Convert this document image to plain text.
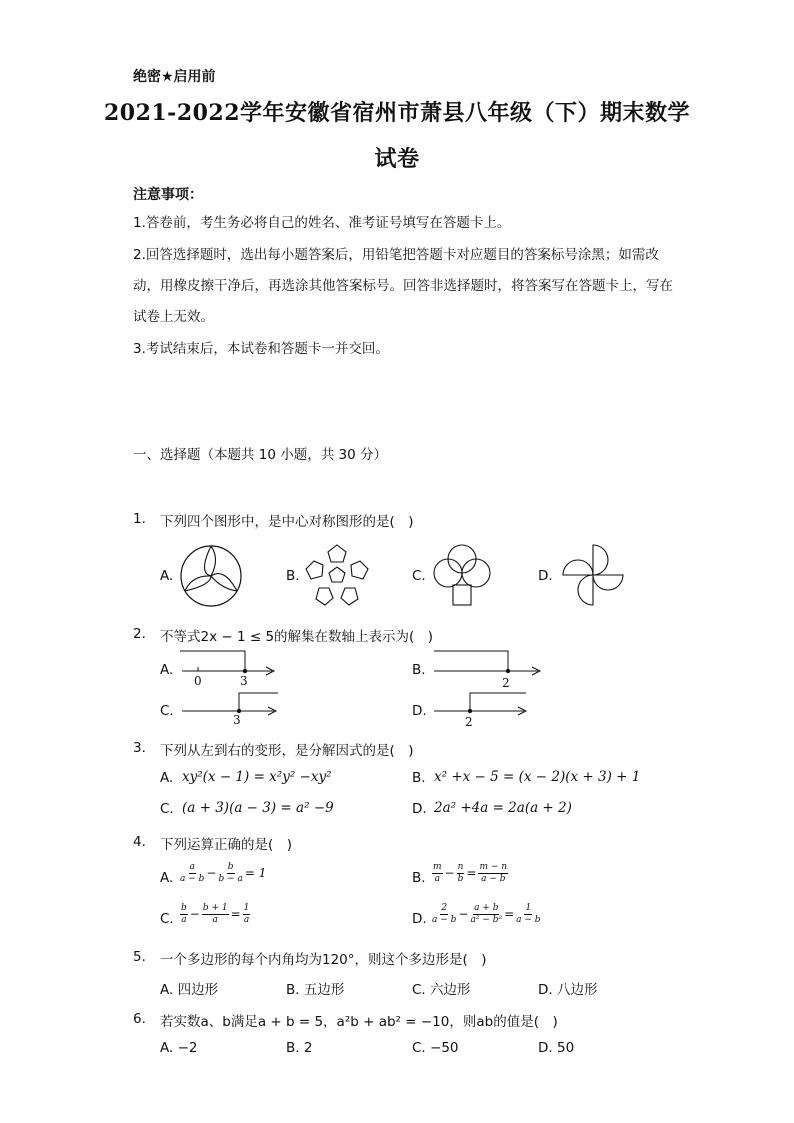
绝密★启用前
2021-2022学年安徽省宿州市萧县八年级（下）期末数学
试卷
注意事项：
1.答卷前，考生务必将自己的姓名、准考证号填写在答题卡上。
2.回答选择题时，选出每小题答案后，用铅笔把答题卡对应题目的答案标号涂黑；如需改动，用橡皮擦干净后，再选涂其他答案标号。回答非选择题时，将答案写在答题卡上，写在试卷上无效。
3.考试结束后，本试卷和答题卡一并交回。
一、选择题（本题共 10 小题，共 30 分）
1. 下列四个图形中，是中心对称图形的是(　)
A.	B.	C.	D.
2. 不等式2x − 1 ≤ 5的解集在数轴上表示为(　)
A.
0	3
B.
2
C.
3
D.
2
3. 下列从左到右的变形，是分解因式的是(　)
A. xy²(x − 1) = x²y² −xy²	B. x² +x − 5 = (x − 2)(x + 3) + 1
C. (a + 3)(a − 3) = a² −9	D. 2a² +4a = 2a(a + 2)
4. 下列运算正确的是(　)
A. $\frac{a}{a - b} - \frac{b}{b - a} = 1$	B. $\frac{m}{a} - \frac{n}{b} = \frac{m - n}{a - b}$
C. $\frac{b}{a} - \frac{b + 1}{a} = \frac{1}{a}$	D. $\frac{2}{a - b} - \frac{a + b}{\text{a² − b²}} = \frac{1}{a - b}$
5. 一个多边形的每个内角均为120°，则这个多边形是(　)
A. 四边形	B. 五边形	C. 六边形	D. 八边形
6. 若实数a、b满足a + b = 5，a²b + ab² = −10，则ab的值是(　)
A. −2	B. 2	C. −50	D. 50
